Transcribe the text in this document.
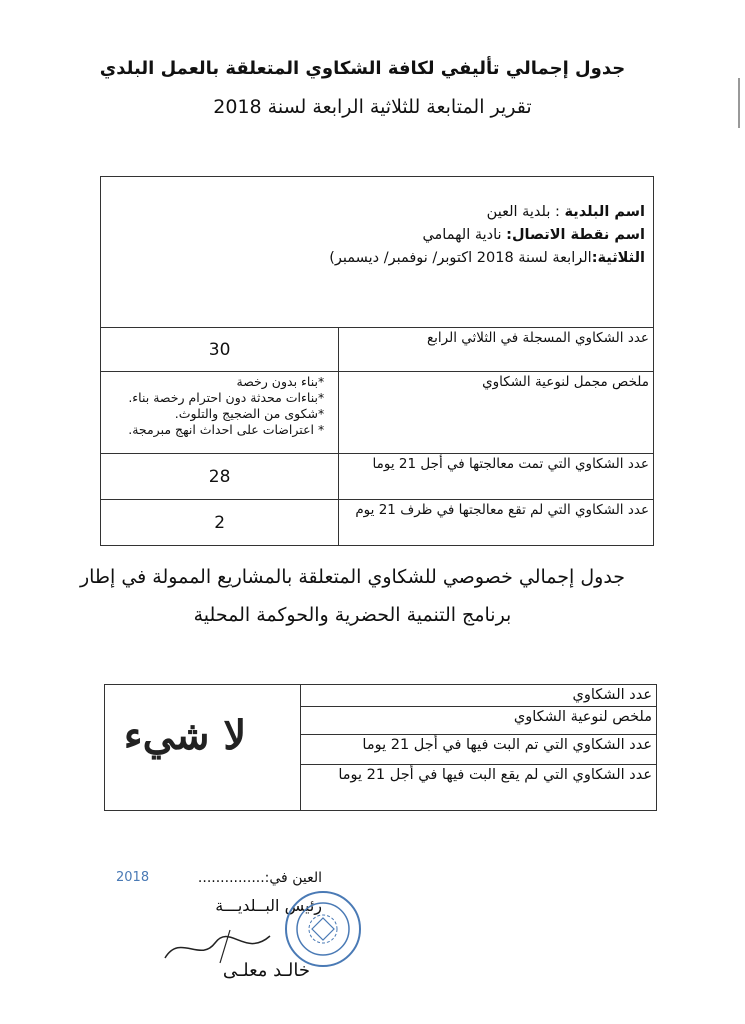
جدول إجمالي تأليفي لكافة الشكاوي المتعلقة بالعمل البلدي
تقرير المتابعة للثلاثية الرابعة لسنة 2018
اسم البلدية : بلدية العين
اسم نقطة الاتصال: نادية الهمامي
الثلاثية:الرابعة لسنة 2018 اكتوبر/ نوفمبر/ ديسمبر)	

عدد الشكاوي المسجلة في الثلاثي الرابع	30
ملخص مجمل لنوعية الشكاوي	*بناء بدون رخصة
*بناءات محدثة دون احترام رخصة بناء.
*شكوى من الضجيج والتلوث.
* اعتراضات على احداث انهج مبرمجة.

عدد الشكاوي التي تمت معالجتها في أجل 21 يوما	28
عدد الشكاوي التي لم تقع معالجتها في ظرف 21 يوم	2
جدول إجمالي خصوصي للشكاوي المتعلقة بالمشاريع الممولة في إطار
برنامج التنمية الحضرية والحوكمة المحلية
عدد الشكاوي	
ملخص لنوعية الشكاوي
عدد الشكاوي التي تم البت فيها في أجل 21 يوما
عدد الشكاوي التي لم يقع البت فيها في أجل 21 يوما
لا شيء
العين في:...............
2018
رئيس البــلديـــة
خالـد معلـى
